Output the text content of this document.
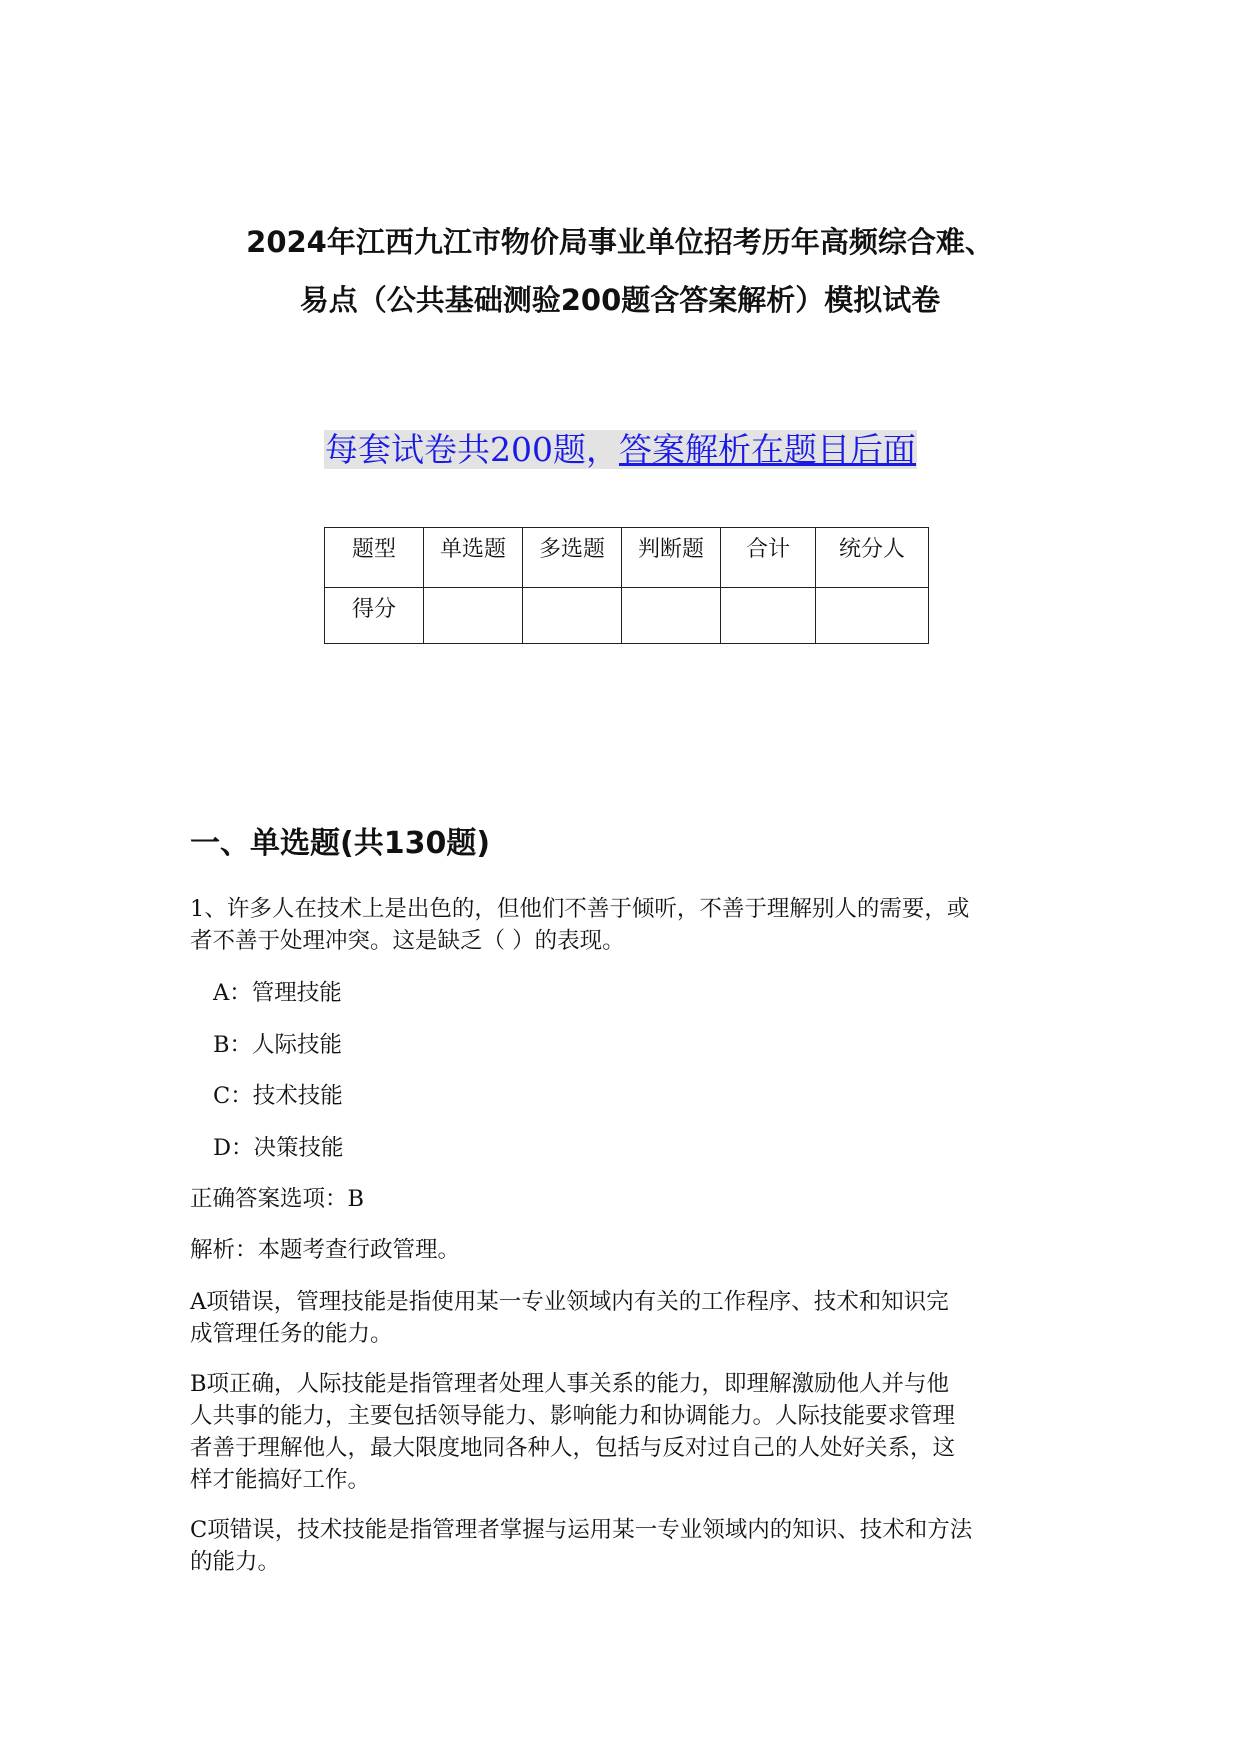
2024年江西九江市物价局事业单位招考历年高频综合难、
易点（公共基础测验200题含答案解析）模拟试卷
每套试卷共200题，答案解析在题目后面
题型	单选题	多选题	判断题	合计	统分人
得分					
一、单选题(共130题)

1、许多人在技术上是出色的，但他们不善于倾听，不善于理解别人的需要，或
者不善于处理冲突。这是缺乏（ ）的表现。

A：管理技能

B：人际技能

C：技术技能

D：决策技能

正确答案选项：B

解析：本题考查行政管理。

A项错误，管理技能是指使用某一专业领域内有关的工作程序、技术和知识完
成管理任务的能力。

B项正确，人际技能是指管理者处理人事关系的能力，即理解激励他人并与他
人共事的能力，主要包括领导能力、影响能力和协调能力。人际技能要求管理
者善于理解他人，最大限度地同各种人，包括与反对过自己的人处好关系，这
样才能搞好工作。

C项错误，技术技能是指管理者掌握与运用某一专业领域内的知识、技术和方法
的能力。
